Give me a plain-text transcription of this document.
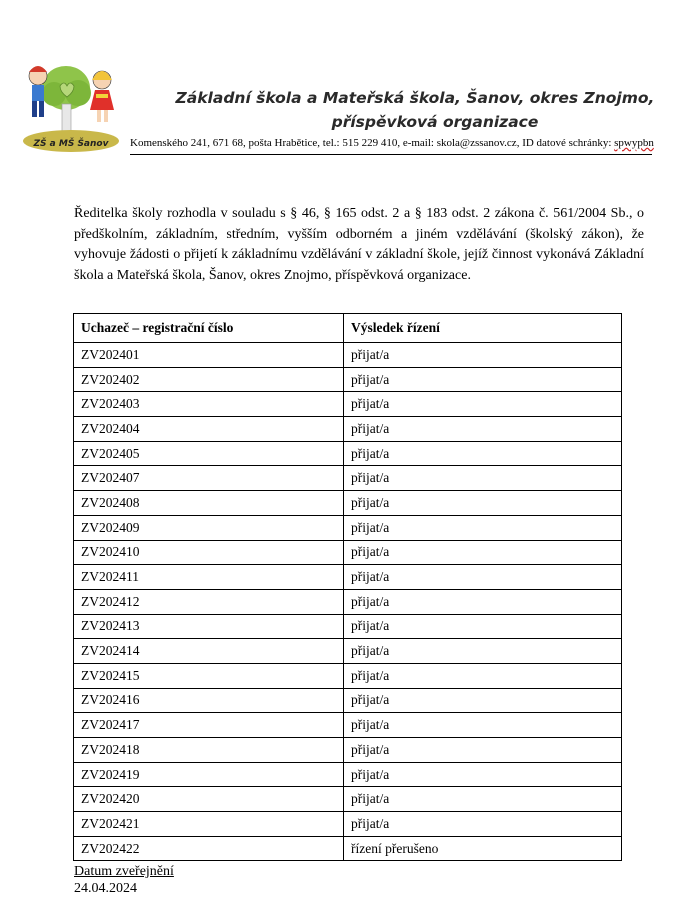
ZŠ a MŠ Šanov
Základní škola a Mateřská škola, Šanov, okres Znojmo,
příspěvková organizace
Komenského 241, 671 68, pošta Hrabětice, tel.: 515 229 410, e-mail: skola@zssanov.cz, ID datové schránky: spwypbn

Ředitelka školy rozhodla v souladu s § 46, § 165 odst. 2 a § 183 odst. 2 zákona č. 561/2004 Sb., o předškolním, základním, středním, vyšším odborném a jiném vzdělávání (školský zákon), že vyhovuje žádosti o přijetí k základnímu vzdělávání v základní škole, jejíž činnost vykonává Základní škola a Mateřská škola, Šanov, okres Znojmo, příspěvková organizace.

Uchazeč – registrační číslo	Výsledek řízení
ZV202401	přijat/a
ZV202402	přijat/a
ZV202403	přijat/a
ZV202404	přijat/a
ZV202405	přijat/a
ZV202407	přijat/a
ZV202408	přijat/a
ZV202409	přijat/a
ZV202410	přijat/a
ZV202411	přijat/a
ZV202412	přijat/a
ZV202413	přijat/a
ZV202414	přijat/a
ZV202415	přijat/a
ZV202416	přijat/a
ZV202417	přijat/a
ZV202418	přijat/a
ZV202419	přijat/a
ZV202420	přijat/a
ZV202421	přijat/a
ZV202422	řízení přerušeno
Datum zveřejnění
24.04.2024
